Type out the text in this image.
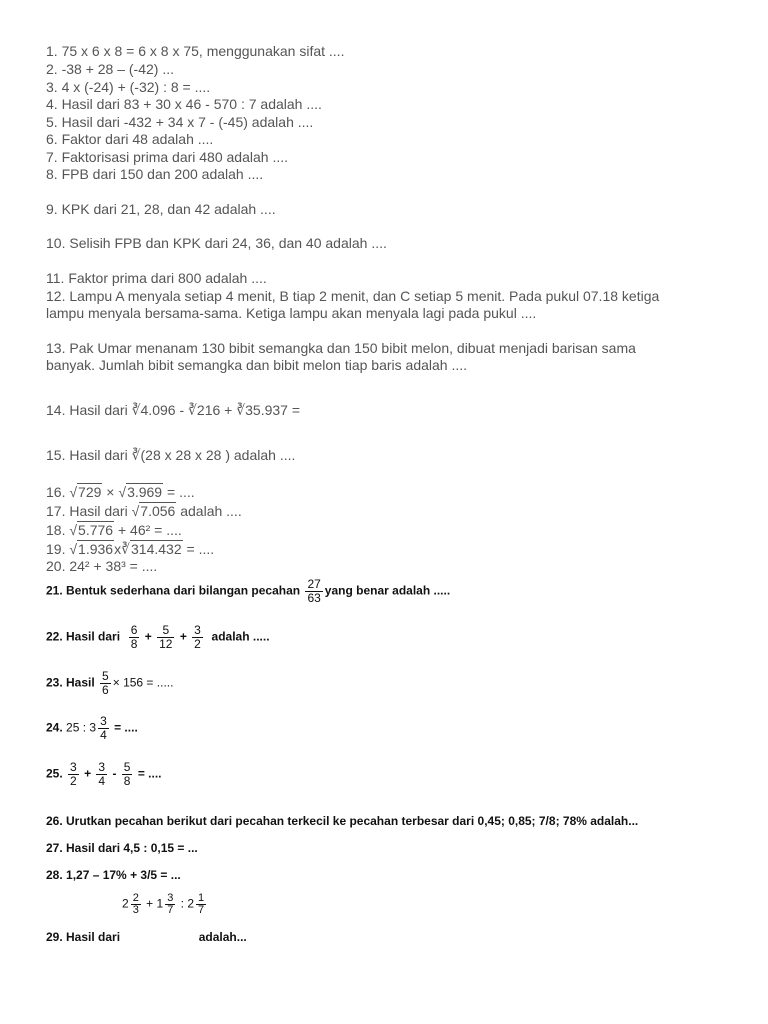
1. 75 x 6 x 8 = 6 x 8 x 75, menggunakan sifat ....
2. -38 + 28 – (-42) ...
3. 4 x (-24) + (-32) : 8 = ....
4. Hasil dari 83 + 30 x 46 - 570 : 7 adalah ....
5. Hasil dari -432 + 34 x 7 - (-45) adalah ....
6. Faktor dari 48 adalah ....
7. Faktorisasi prima dari 480 adalah ....
8. FPB dari 150 dan 200 adalah ....
9. KPK dari 21, 28, dan 42 adalah ....
10. Selisih FPB dan KPK dari 24, 36, dan 40 adalah ....
11. Faktor prima dari 800 adalah ....
12. Lampu A menyala setiap 4 menit, B tiap 2 menit, dan C setiap 5 menit. Pada pukul 07.18 ketiga
lampu menyala bersama-sama. Ketiga lampu akan menyala lagi pada pukul ....
13. Pak Umar menanam 130 bibit semangka dan 150 bibit melon, dibuat menjadi barisan sama
banyak. Jumlah bibit semangka dan bibit melon tiap baris adalah ....
14. Hasil dari ∛4.096 - ∛216 + ∛35.937 =
15. Hasil dari ∛(28 x 28 x 28 ) adalah ....
16. √729 × √3.969 = ....
17. Hasil dari √7.056 adalah ....
18. √5.776 + 46² = ....
19. √1.936x∛314.432 = ....
20. 24² + 38³ = ....
21. Bentuk sederhana dari bilangan pecahan $\frac{27}{63}$ yang benar adalah .....
22. Hasil dari $\frac{6}{8} + \frac{5}{12} + \frac{3}{2}$ adalah .....
23. Hasil $\frac{5}{6} \times 156$ = .....
24. 25 : $3 \frac{3}{4}$ = ....
25. $\frac{3}{2} + \frac{3}{4} - \frac{5}{8}$ = ....
26. Urutkan pecahan berikut dari pecahan terkecil ke pecahan terbesar dari 0,45; 0,85; 7/8; 78% adalah...
27. Hasil dari 4,5 : 0,15 = ...
28. 1,27 – 17% + 3/5 = ...
$2 \frac{2}{3} + 1 \frac{3}{7}$ : $2 \frac{1}{7}$
29. Hasil dari	adalah...
